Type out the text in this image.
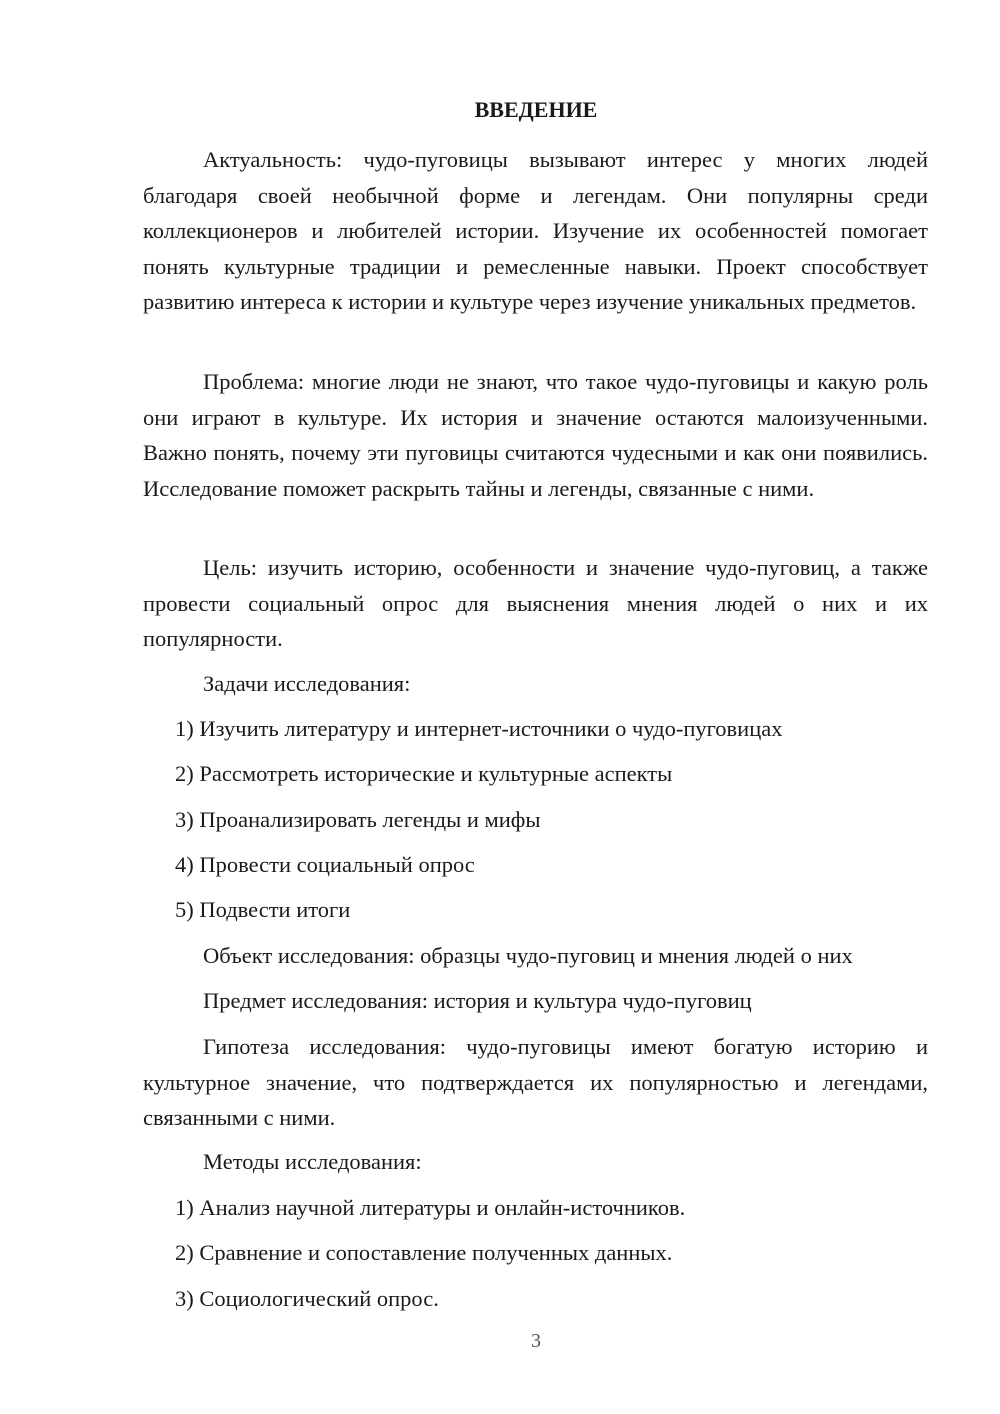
ВВЕДЕНИЕ

Актуальность: чудо-пуговицы вызывают интерес у многих людей благодаря своей необычной форме и легендам. Они популярны среди коллекционеров и любителей истории. Изучение их особенностей помогает понять культурные традиции и ремесленные навыки. Проект способствует развитию интереса к истории и культуре через изучение уникальных предметов.

Проблема: многие люди не знают, что такое чудо-пуговицы и какую роль они играют в культуре. Их история и значение остаются малоизученными. Важно понять, почему эти пуговицы считаются чудесными и как они появились. Исследование поможет раскрыть тайны и легенды, связанные с ними.

Цель: изучить историю, особенности и значение чудо-пуговиц, а также провести социальный опрос для выяснения мнения людей о них и их популярности.

Задачи исследования:

1) Изучить литературу и интернет-источники о чудо-пуговицах

2) Рассмотреть исторические и культурные аспекты

3) Проанализировать легенды и мифы

4) Провести социальный опрос

5) Подвести итоги

Объект исследования: образцы чудо-пуговиц и мнения людей о них

Предмет исследования: история и культура чудо-пуговиц

Гипотеза исследования: чудо-пуговицы имеют богатую историю и культурное значение, что подтверждается их популярностью и легендами, связанными с ними.

Методы исследования:

1) Анализ научной литературы и онлайн-источников.

2) Сравнение и сопоставление полученных данных.

3) Социологический опрос.

3
